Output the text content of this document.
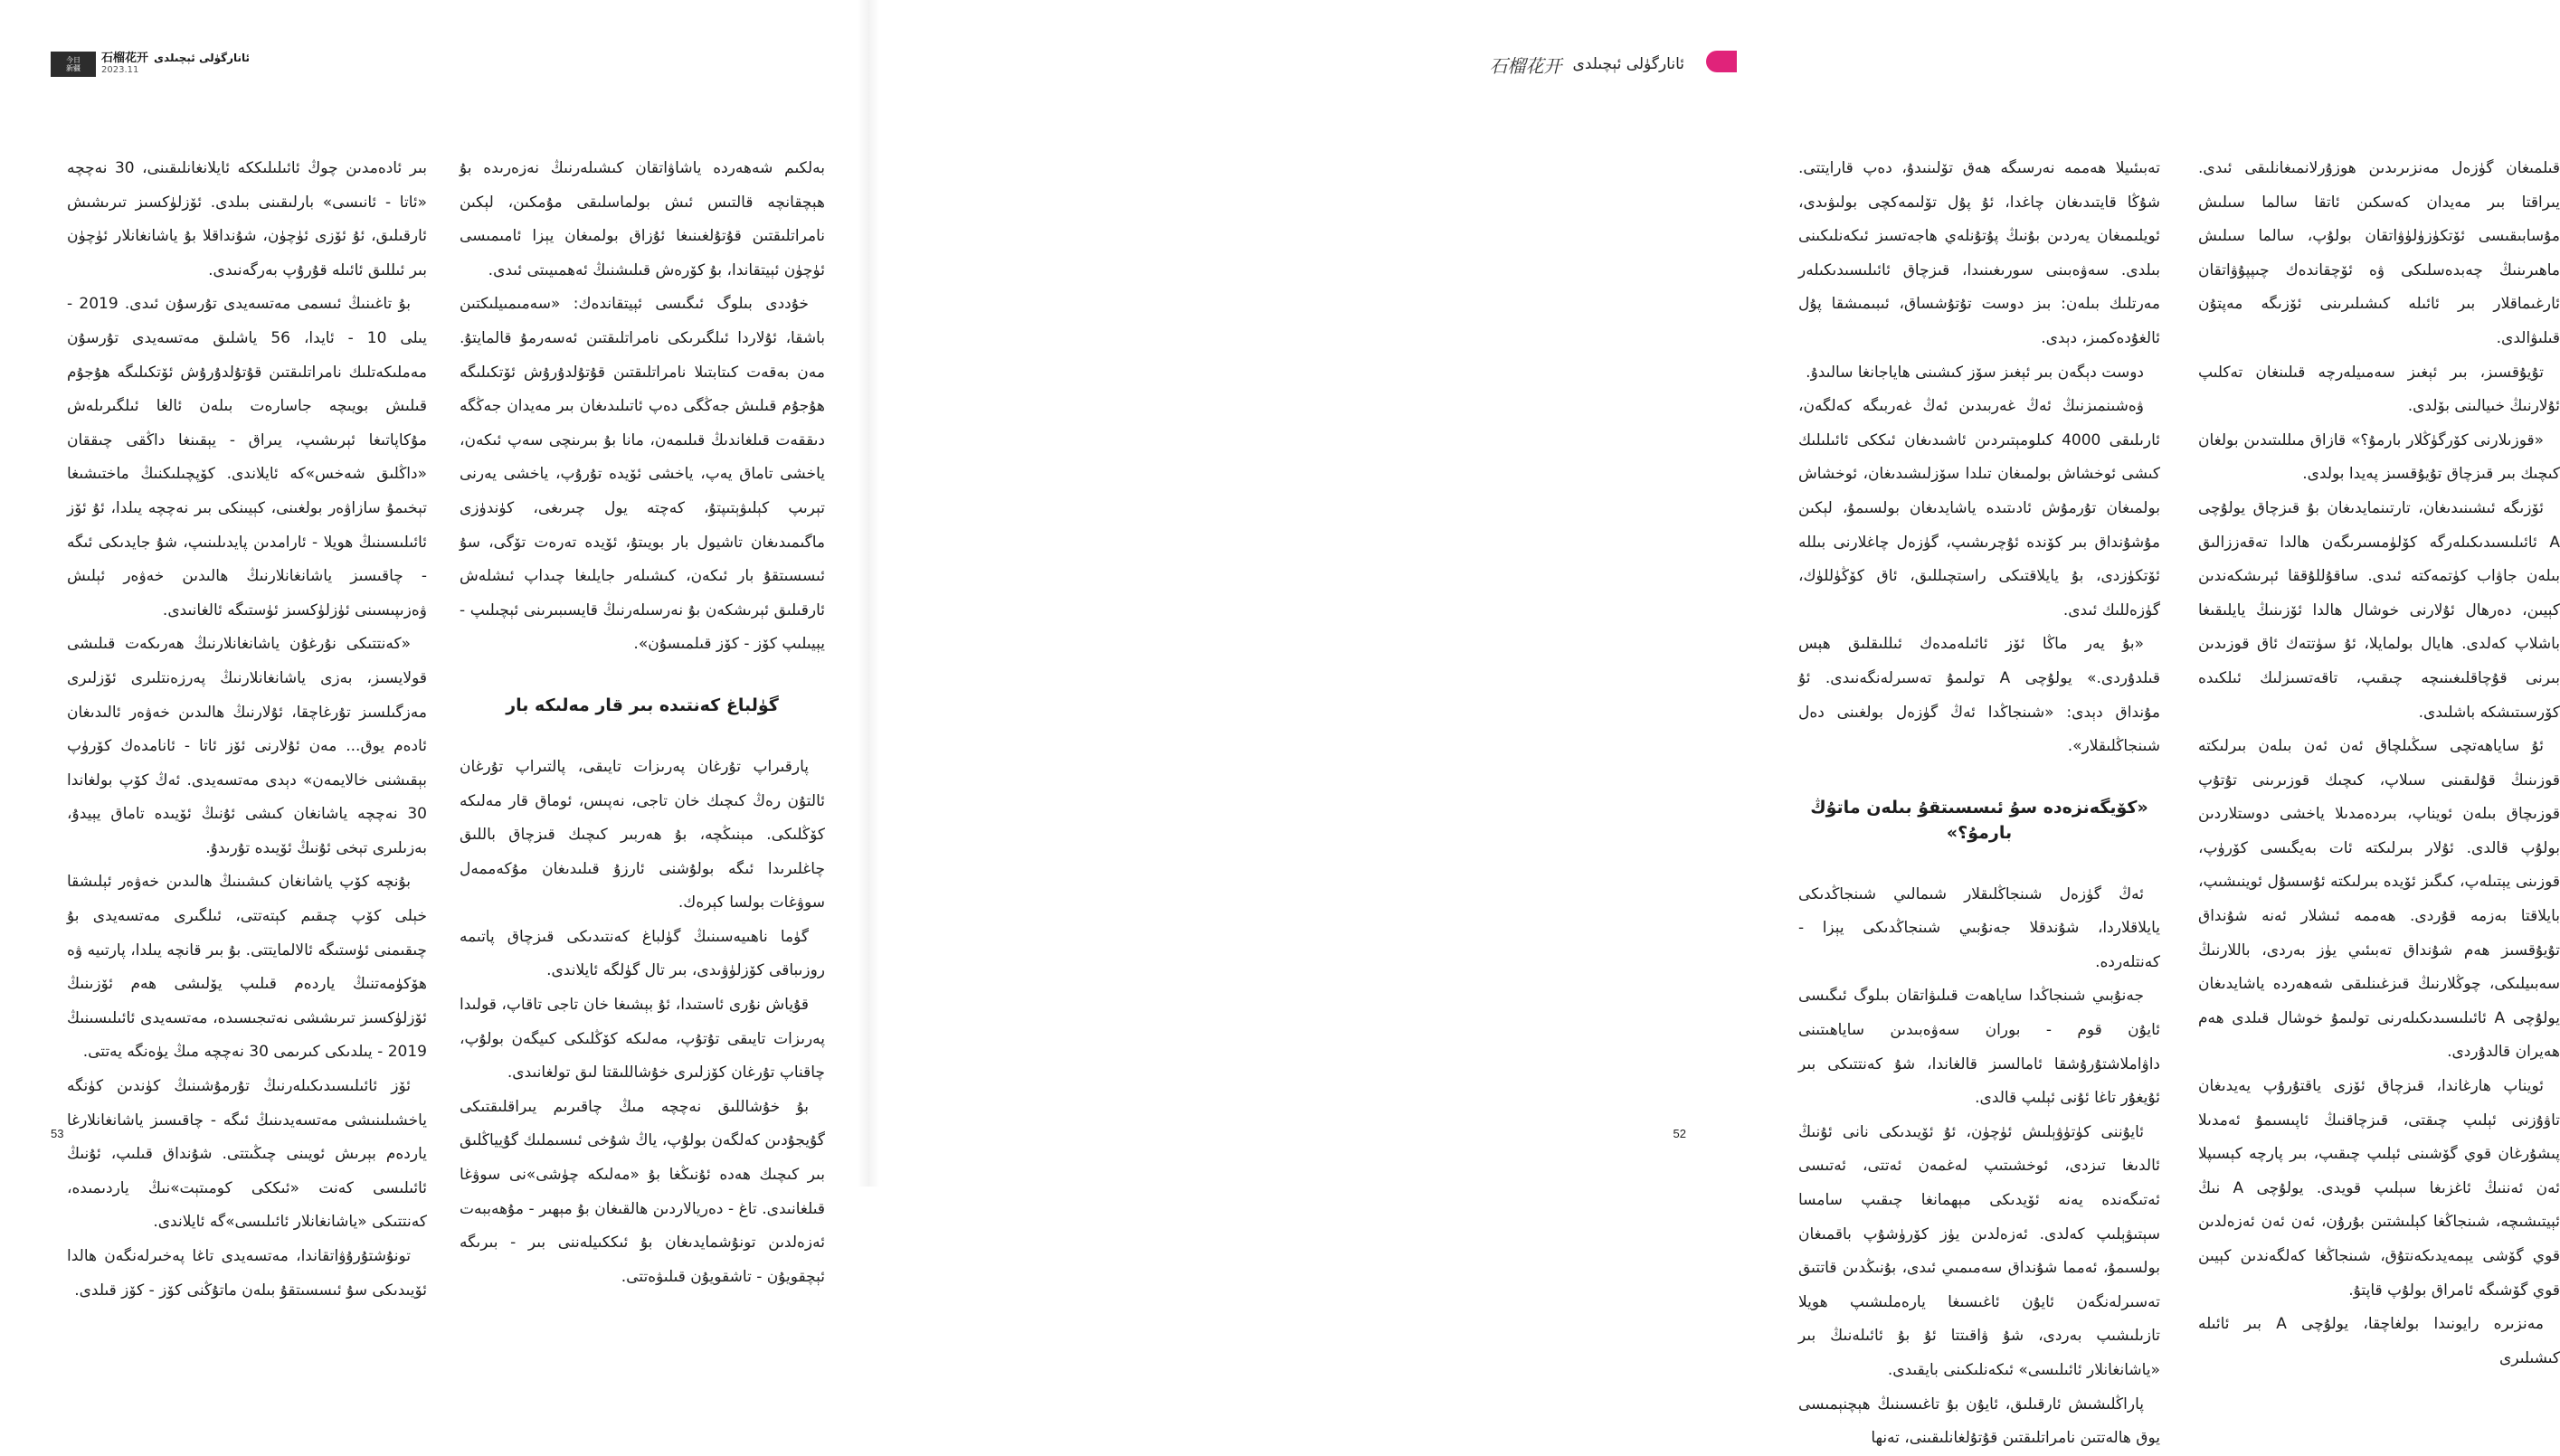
今日
新疆
石榴花开 ئانارگۈلى ئېچىلدى
2023.11

بىر ئادەمدىن چوڭ ئائىلىلىككە ئايلانغانلىقىنى، 30 نەچچە «ئاتا - ئانىسى» بارلىقىنى بىلدى. ئۆزلۈكسىز تىرىشىش ئارقىلىق، ئۇ ئۆزى ئۈچۈن، شۇنداقلا بۇ ياشانغانلار ئۈچۈن بىر ئىللىق ئائىلە قۇرۇپ بەرگەنىدى.

بۇ تاغىنىڭ ئىسمى مەتسەيدى تۇرسۇن ئىدى. 2019 - يىلى 10 - ئايدا، 56 ياشلىق مەتسەيدى تۇرسۇن مەملىكەتلىك نامراتلىقتىن قۇتۇلدۇرۇش ئۆتكىلىگە ھۇجۇم قىلىش بويىچە جاسارەت بىلەن ئالغا ئىلگىرىلەش مۇكاپاتىغا ئېرىشىپ، يىراق - يېقىنغا داڭقى چىققان «داڭلىق شەخس»كە ئايلاندى. كۆپچىلىكنىڭ ماختىشىغا تېخىمۇ سازاۋەر بولغىنى، كېيىنكى بىر نەچچە يىلدا، ئۇ ئۆز ئائىلىسىنىڭ ھويلا - ئارامدىن پايدىلىنىپ، شۇ جايدىكى ئىگە - چاقىسىز ياشانغانلارنىڭ ھالىدىن خەۋەر ئېلىش ۋەزىپىسىنى ئۈزلۈكسىز ئۈستىگە ئالغانىدى.

«كەنتتىكى نۇرغۇن ياشانغانلارنىڭ ھەرىكەت قىلىشى قولايسىز، بەزى ياشانغانلارنىڭ پەرزەنتلىرى ئۆزلىرى مەزگىلسىز تۇرغاچقا، ئۇلارنىڭ ھالىدىن خەۋەر ئالىدىغان ئادەم يوق... مەن ئۇلارنى ئۆز ئاتا - ئانامدەك كۆرۈپ بېقىشنى خالايمەن» دېدى مەتسەيدى. ئەڭ كۆپ بولغاندا 30 نەچچە ياشانغان كىشى ئۇنىڭ ئۆيىدە تاماق يېيدۇ، بەزىلىرى تېخى ئۇنىڭ ئۆيىدە تۇرىدۇ.

بۇنچە كۆپ ياشانغان كىشىنىڭ ھالىدىن خەۋەر ئېلىشقا خېلى كۆپ چىقىم كېتەتتى، ئىلگىرى مەتسەيدى بۇ چىقىمنى ئۈستىگە ئالالمايتتى. بۇ بىر قانچە يىلدا، پارتىيە ۋە ھۆكۈمەتنىڭ ياردەم قىلىپ يۆلىشى ھەم ئۆزىنىڭ ئۆزلۈكسىز تىرىششى نەتىجىسىدە، مەتسەيدى ئائىلىسىنىڭ 2019 - يىلدىكى كىرىمى 30 نەچچە مىڭ يۈەنگە يەتتى.

ئۆز ئائىلىسىدىكىلەرنىڭ تۇرمۇشىنىڭ كۈندىن كۈنگە ياخشىلىنىشى مەتسەيدىنىڭ ئىگە - چاقىسىز ياشانغانلارغا ياردەم بېرىش ئويىنى چىڭىتتى. شۇنداق قىلىپ، ئۇنىڭ ئائىلىسى كەنت «ئىككى كومىتېت»نىڭ ياردىمىدە، كەنتتىكى «ياشانغانلار ئائىلىسى»گە ئايلاندى.

تونۇشتۇرۇۋاتقاندا، مەتسەيدى تاغا پەخىرلەنگەن ھالدا ئۆيىدىكى سۇ ئىسسىتقۇ بىلەن ماتۇڭنى كۆز - كۆز قىلدى.

بەلكىم شەھەردە ياشاۋاتقان كىشىلەرنىڭ نەزەرىدە بۇ ھېچقانچە قالتىس ئىش بولماسلىقى مۇمكىن، لېكىن نامراتلىقتىن قۇتۇلغىنىغا ئۇزاق بولمىغان يېزا ئامىمىسى ئۈچۈن ئېيتقاندا، بۇ كۆرەش قىلىشنىڭ ئەھمىيىتى ئىدى.

خۇددى بىلوگ ئىگىسى ئېيتقاندەك: «سەمىمىيلىكتىن باشقا، ئۇلاردا ئىلگىرىكى نامراتلىقتىن ئەسەرمۇ قالمايتۇ. مەن بەقەت كىتابتىلا نامراتلىقتىن قۇتۇلدۇرۇش ئۆتكىلىگە ھۇجۇم قىلىش جەڭگى دەپ ئاتىلىدىغان بىر مەيدان جەڭگە دىققەت قىلغاندىڭ قىلىمەن، مانا بۇ بىرىنچى سەپ ئىكەن، ياخشى تاماق يەپ، ياخشى ئۆيدە تۇرۇپ، ياخشى يەرنى تېرىپ كېلىۋېتىپتۇ، كەچتە يول چىرىغى، كۈندۈزى ماگىمىدىغان تاشيول بار بويىتۇ، ئۆيدە تەرەت تۆگى، سۇ ئىسسىتقۇ بار ئىكەن، كىشىلەر جايلىغا چىداپ ئىشلەش ئارقىلىق ئېرىشكەن بۇ نەرسىلەرنىڭ قايسىبىرىنى ئېچىلىپ - يېيىلىپ كۆز - كۆز قىلمىسۇن».

گۈلباغ كەنتىدە بىر قار مەلىكە بار

پارقىراپ تۇرغان پەرىزات تايىقى، پالتىراپ تۇرغان ئالتۇن رەڭ كىچىك خان تاجى، نەپىس، ئوماق قار مەلىكە كۆڭلىكى. مېنىڭچە، بۇ ھەربىر كىچىك قىزچاق باللىق چاغلىرىدا ئىگە بولۇشنى ئارزۇ قىلىدىغان مۇكەممەل سوۋغات بولسا كېرەك.

گۈما ناھىيەسىنىڭ گۈلباغ كەنتىدىكى قىزچاق پاتىمە روزىباقى كۆزلۈۋىدى، بىر تال گۈلگە ئايلاندى.

قۇياش نۇرى ئاستىدا، ئۇ بېشىغا خان تاجى تاقاپ، قولىدا پەرىزات تايىقى تۇتۇپ، مەلىكە كۆڭلىكى كىيگەن بولۇپ، چاقناپ تۇرغان كۆزلىرى خۇشاللىقتا لىق تولغانىدى.

بۇ خۇشاللىق نەچچە مىڭ چاقىرىم يىراقلىقتىكى گۇيجۇدىن كەلگەن بولۇپ، ياڭ شۇخى ئىسىملىك گۇيياڭلىق بىر كىچىك ھەدە ئۇنىڭغا بۇ «مەلىكە چۈشى»نى سوۋغا قىلغانىدى. تاغ - دەريالاردىن ھالقىغان بۇ مېھىر - مۇھەببەت ئەزەلدىن تونۇشمايدىغان بۇ ئىككىيلەننى بىر - بىرىگە ئېچقويۇن - تاشقويۇن قىلىۋەتتى.

53
石榴花开 ئانارگۈلى ئېچىلدى

تەبىئىيلا ھەممە نەرسىگە ھەق تۆلىنىدۇ، دەپ قارايتتى. شۇڭا قايتىدىغان چاغدا، ئۇ پۇل تۆلىمەكچى بولىۋىدى، ئويلىمىغان يەردىن بۇنىڭ پۇتۇنلەي ھاجەتسىز ئىكەنلىكىنى بىلدى. سەۋەبىنى سورىغىنىدا، قىزچاق ئائىلىسىدىكىلەر مەرتلىك بىلەن: بىز دوست تۇتۇشساق، ئىبىمىشقا پۇل ئالغۇدەكمىز، دېدى.

دوست دېگەن بىر ئېغىز سۆز كىشىنى ھاياجانغا سالىدۇ.

ۋەشىنمىزنىڭ ئەڭ غەربىدىن ئەڭ غەربىگە كەلگەن، ئارىلىقى 4000 كىلومېتىردىن ئاشىدىغان ئىككى ئائىلىلىك كىشى ئوخشاش بولمىغان تىلدا سۆزلىشىدىغان، ئوخشاش بولمىغان تۇرمۇش ئادىتىدە ياشايدىغان بولسىمۇ، لېكىن مۇشۇنداق بىر كۆندە ئۇچرىشىپ، گۈزەل چاغلارنى بىللە ئۆتكۈزدى، بۇ يايلاقتىكى راستچىللىق، ئاق كۆڭۈللۈك، گۈزەللىك ئىدى.

«بۇ يەر ماڭا ئۆز ئائىلەمدەك ئىللىقلىق ھېس قىلدۇردى.» يولۇچى A تولىمۇ تەسىرلەنگەنىدى. ئۇ مۇنداق دېدى: «شىنجاڭدا ئەڭ گۈزەل بولغىنى دەل شىنجاڭلىقلار».

«كۆيگەنزەدە سۇ ئىسسىتقۇ بىلەن ماتۇڭ بارمۇ؟»

ئەڭ گۈزەل شىنجاڭلىقلار شىمالىي شىنجاڭدىكى يايلاقلاردا، شۇندقلا جەنۇبىي شىنجاڭدىكى يېزا - كەنتلەردە.

جەنۇبىي شىنجاڭدا ساياھەت قىلىۋاتقان بىلوگ ئىگىسى ئايۇن قوم - بوران سەۋەبىدىن ساياھىتىنى داۋاملاشتۇرۇشقا ئامالسىز قالغاندا، شۇ كەنتتىكى بىر ئۇيغۇر تاغا ئۇنى ئېلىپ قالدى.

ئايۇننى كۈتۈۋېلىش ئۈچۈن، ئۇ ئۆيىدىكى نانى ئۇنىڭ ئالدىغا تىزدى، ئوخشىتىپ لەغمەن ئەتتى، ئەتىسى ئەتىگەندە يەنە ئۆيدىكى مېھمانغا چىقىپ سامسا سېتىۋېلىپ كەلدى. ئەزەلدىن يۈز كۆرۈشۇپ باقمىغان بولسىمۇ، ئەمما شۇنداق سەمىمىي ئىدى، بۇنىڭدىن قاتتىق تەسىرلەنگەن ئايۇن ئاغىسىغا يارەملىشىپ ھويلا تازىلىشىپ بەردى، شۇ ۋاقىتتا ئۇ بۇ ئائىلەنىڭ بىر «ياشانغانلار ئائىلىسى» ئىكەنلىكىنى بايقىدى.

پاراڭلىشىش ئارقىلىق، ئايۇن بۇ تاغىسىنىڭ ھېچنېمىسى يوق ھالەتتىن نامراتلىقتىن قۇتۇلغانلىقىنى، تەنھا

قىلمىغان گۈزەل مەنزىرىدىن ھوزۇرلانمىغانلىقى ئىدى. يىراقتا بىر مەيدان كەسكىن ئاتقا سالما سىلىش مۇسابىقىسى ئۆتكۈزۈلۈۋاتقان بولۇپ، سالما سىلىش ماھىرىنىڭ چەبدەسلىكى ۋە ئۆچقاندەك چىپپۇۋاتقان ئارغىماقلار بىر ئائىلە كىشىلىرىنى ئۆزىگە مەپتۇن قىلىۋالدى.

تۇيۇقسىز، بىر ئېغىز سەمىيلەرچە قىلىنغان تەكلىپ ئۇلارنىڭ خىيالىنى بۆلدى.

«قوزىلارنى كۆرگۈڭلار بارمۇ؟» قازاق مىللىتىدىن بولغان كىچىك بىر قىزچاق تۇيۇقسىز پەيدا بولدى.

ئۆزىگە ئىشىنىدىغان، تارتىنمايدىغان بۇ قىزچاق يولۇچى A ئائىلىسىدىكىلەرگە كۆلۈمسىرىگەن ھالدا تەقەززالىق بىلەن جاۋاب كۈتمەكتە ئىدى. ساقۇللۇققا ئېرىشكەندىن كېيىن، دەرھال ئۇلارنى خوشال ھالدا ئۆزىنىڭ يايلىقىغا باشلاپ كەلدى. ھايال بولمايلا، ئۇ سۈتتەك ئاق قوزىدىن بىرنى قۇچاقلىغىنىچە چىقىپ، تاقەتسىزلىك ئىلكىدە كۆرسىتىشكە باشلىدى.

ئۇ ساياھەتچى سىڭىلچاق ئەن ئەن بىلەن بىرلىكتە قوزىنىڭ قۇلىقىنى سىلاپ، كىچىك قوزىرىنى تۇتۇپ قوزىچاق بىلەن ئويناپ، بىردەمدىلا ياخشى دوستلاردىن بولۇپ قالدى. ئۇلار بىرلىكتە ئات بەيگىسى كۆرۈپ، قوزىنى يېتىلەپ، كىگىز ئۆيدە بىرلىكتە ئۇسسۇل ئوينىشىپ، بايلاقتا بەزمە قۇردى. ھەممە ئىشلار ئەنە شۇنداق تۇيۇقسىز ھەم شۇنداق تەبىئىي يۈز بەردى، باللارنىڭ سەبىيلىكى، چوڭلارنىڭ قىزغىنلىقى شەھەردە ياشايدىغان يولۇچى A ئائىلىسىدىكىلەرنى تولىمۇ خوشال قىلدى ھەم ھەيران قالدۇردى.

ئويناپ ھارغاندا، قىزچاق ئۆزى ياقتۇرۇپ يەيدىغان تاۋۇزنى ئېلىپ چىقتى، قىزچاقنىڭ ئاپىسىمۇ ئەمدىلا پىشۇرغان قوي گۆشىنى ئېلىپ چىقىپ، بىر پارچە كېسىپلا ئەن ئەننىڭ ئاغزىغا سېلىپ قويدى. يولۇچى A نىڭ ئېيتىشىچە، شىنجاڭغا كېلىشتىن بۇرۇن، ئەن ئەن ئەزەلدىن قوي گۆشى يېمەيدىكەنتۇق، شىنجاڭغا كەلگەندىن كېيىن قوي گۆشىگە ئامراق بولۇپ قاپتۇ.

مەنزىرە رايونىدا بولغاچقا، يولۇچى A بىر ئائىلە كىشىلىرى

52
